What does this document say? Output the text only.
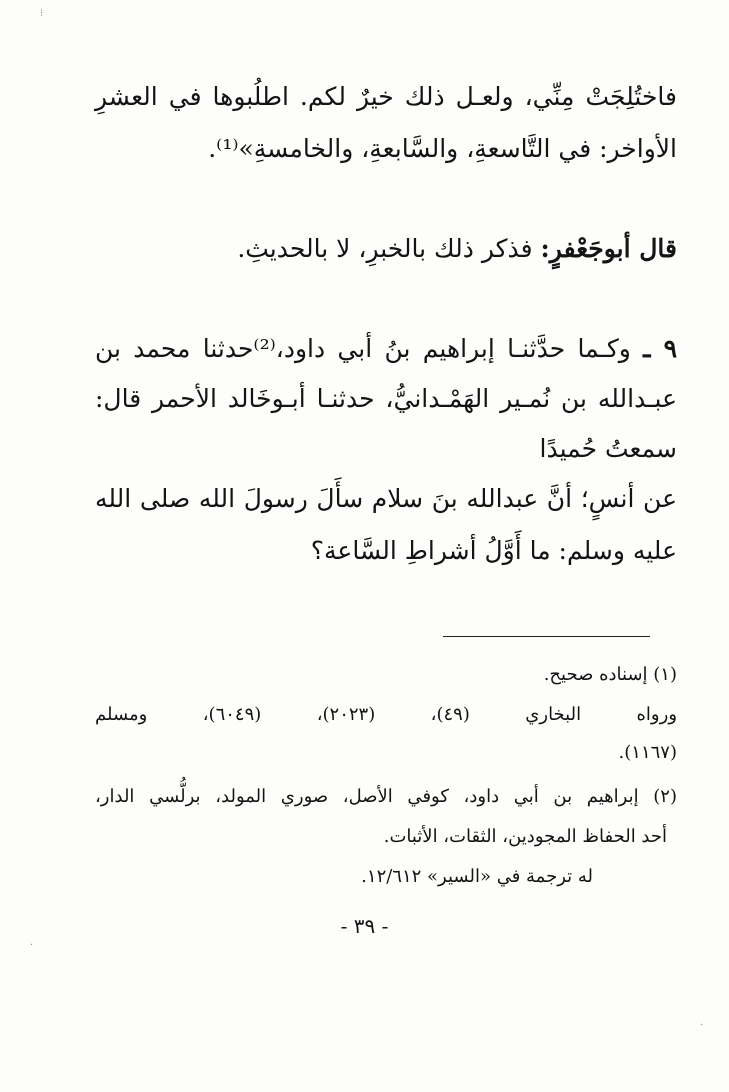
⁝
فاختُلِجَتْ مِنِّي، ولعـل ذلك خيرٌ لكم. اطلُبوها في العشرِ
الأواخر: في التَّاسعةِ، والسَّابعةِ، والخامسةِ»⁽¹⁾.
قال أبوجَعْفرٍ: فذكر ذلك بالخبرِ، لا بالحديثِ.
٩ ـ وكـما حدَّثنـا إبراهيم بنُ أبي داود،⁽²⁾حدثنا محمد بن
عبـدالله بن نُمـير الهَمْـدانيُّ، حدثنـا أبـوخَالد الأحمر قال:
سمعتُ حُميدًا
عن أنسٍ؛ أنَّ عبدالله بنَ سلام سأَلَ رسولَ الله صلى الله
عليه وسلم: ما أَوَّلُ أشراطِ السَّاعة؟
(١) إسناده صحيح.
ورواه البخاري (٤٩)، (٢٠٢٣)، (٦٠٤٩)، ومسلم
(١١٦٧).
(٢) إبراهيم بن أبي داود، كوفي الأصل، صوري المولد، برلُّسي الدار،
أحد الحفاظ المجودين، الثقات، الأثبات.
له ترجمة في «السير» ١٢/٦١٢.
- ٣٩ -
·
·
